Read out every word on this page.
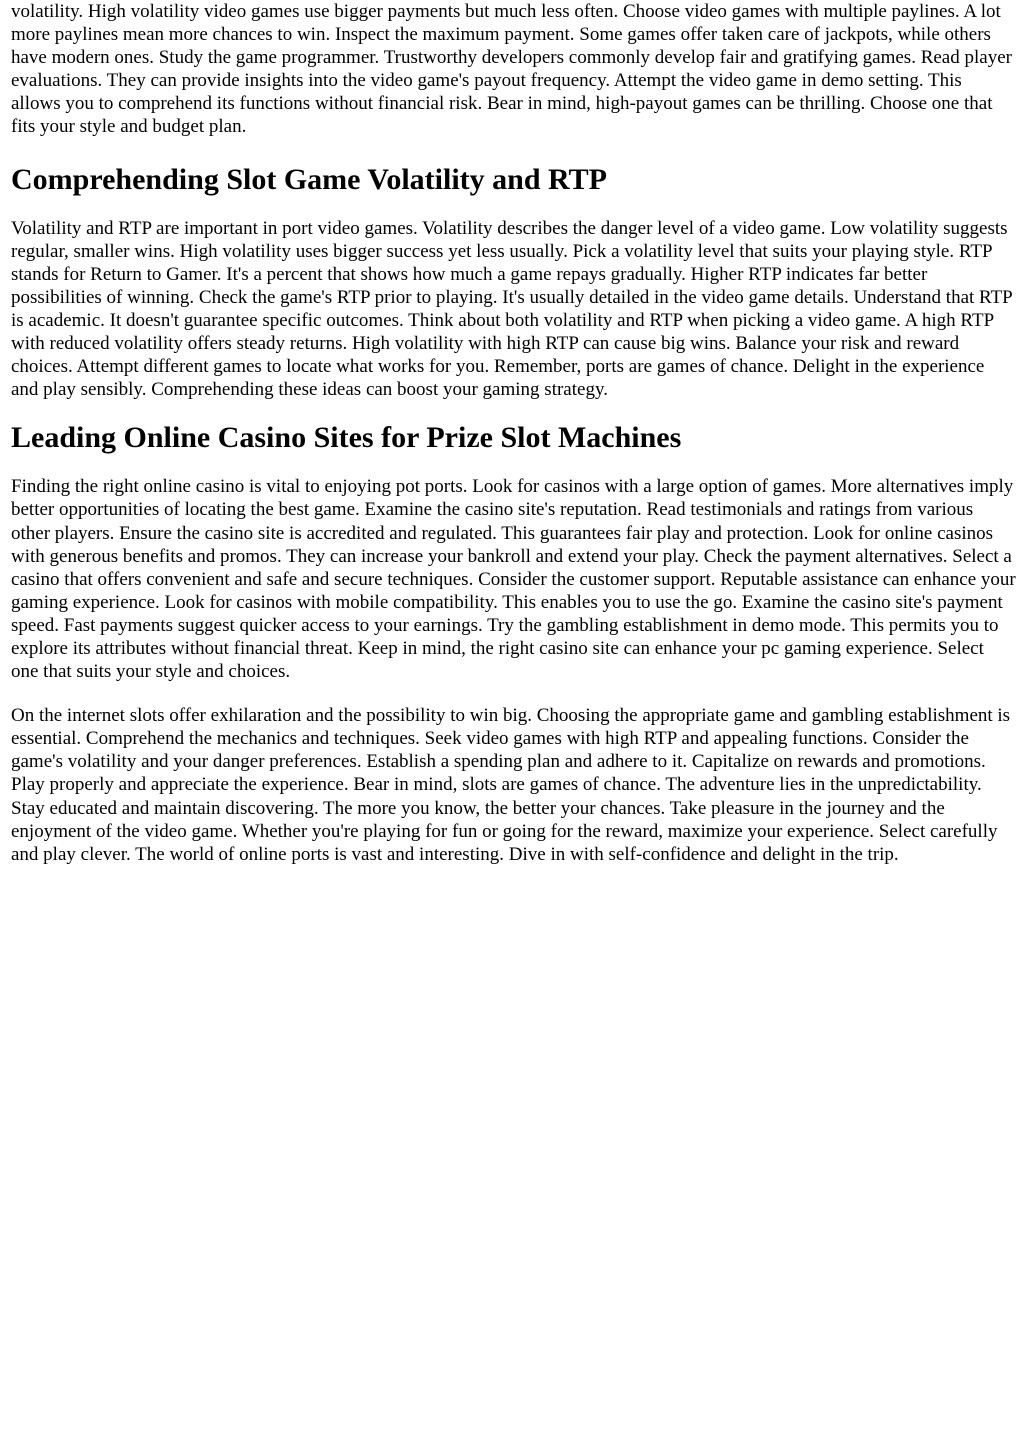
volatility. High volatility video games use bigger payments but much less often. Choose video games with multiple paylines. A lot more paylines mean more chances to win. Inspect the maximum payment. Some games offer taken care of jackpots, while others have modern ones. Study the game programmer. Trustworthy developers commonly develop fair and gratifying games. Read player evaluations. They can provide insights into the video game's payout frequency. Attempt the video game in demo setting. This allows you to comprehend its functions without financial risk. Bear in mind, high-payout games can be thrilling. Choose one that fits your style and budget plan.

Comprehending Slot Game Volatility and RTP

Volatility and RTP are important in port video games. Volatility describes the danger level of a video game. Low volatility suggests regular, smaller wins. High volatility uses bigger success yet less usually. Pick a volatility level that suits your playing style. RTP stands for Return to Gamer. It's a percent that shows how much a game repays gradually. Higher RTP indicates far better possibilities of winning. Check the game's RTP prior to playing. It's usually detailed in the video game details. Understand that RTP is academic. It doesn't guarantee specific outcomes. Think about both volatility and RTP when picking a video game. A high RTP with reduced volatility offers steady returns. High volatility with high RTP can cause big wins. Balance your risk and reward choices. Attempt different games to locate what works for you. Remember, ports are games of chance. Delight in the experience and play sensibly. Comprehending these ideas can boost your gaming strategy.

Leading Online Casino Sites for Prize Slot Machines

Finding the right online casino is vital to enjoying pot ports. Look for casinos with a large option of games. More alternatives imply better opportunities of locating the best game. Examine the casino site's reputation. Read testimonials and ratings from various other players. Ensure the casino site is accredited and regulated. This guarantees fair play and protection. Look for online casinos with generous benefits and promos. They can increase your bankroll and extend your play. Check the payment alternatives. Select a casino that offers convenient and safe and secure techniques. Consider the customer support. Reputable assistance can enhance your gaming experience. Look for casinos with mobile compatibility. This enables you to use the go. Examine the casino site's payment speed. Fast payments suggest quicker access to your earnings. Try the gambling establishment in demo mode. This permits you to explore its attributes without financial threat. Keep in mind, the right casino site can enhance your pc gaming experience. Select one that suits your style and choices.

On the internet slots offer exhilaration and the possibility to win big. Choosing the appropriate game and gambling establishment is essential. Comprehend the mechanics and techniques. Seek video games with high RTP and appealing functions. Consider the game's volatility and your danger preferences. Establish a spending plan and adhere to it. Capitalize on rewards and promotions. Play properly and appreciate the experience. Bear in mind, slots are games of chance. The adventure lies in the unpredictability. Stay educated and maintain discovering. The more you know, the better your chances. Take pleasure in the journey and the enjoyment of the video game. Whether you're playing for fun or going for the reward, maximize your experience. Select carefully and play clever. The world of online ports is vast and interesting. Dive in with self-confidence and delight in the trip.
